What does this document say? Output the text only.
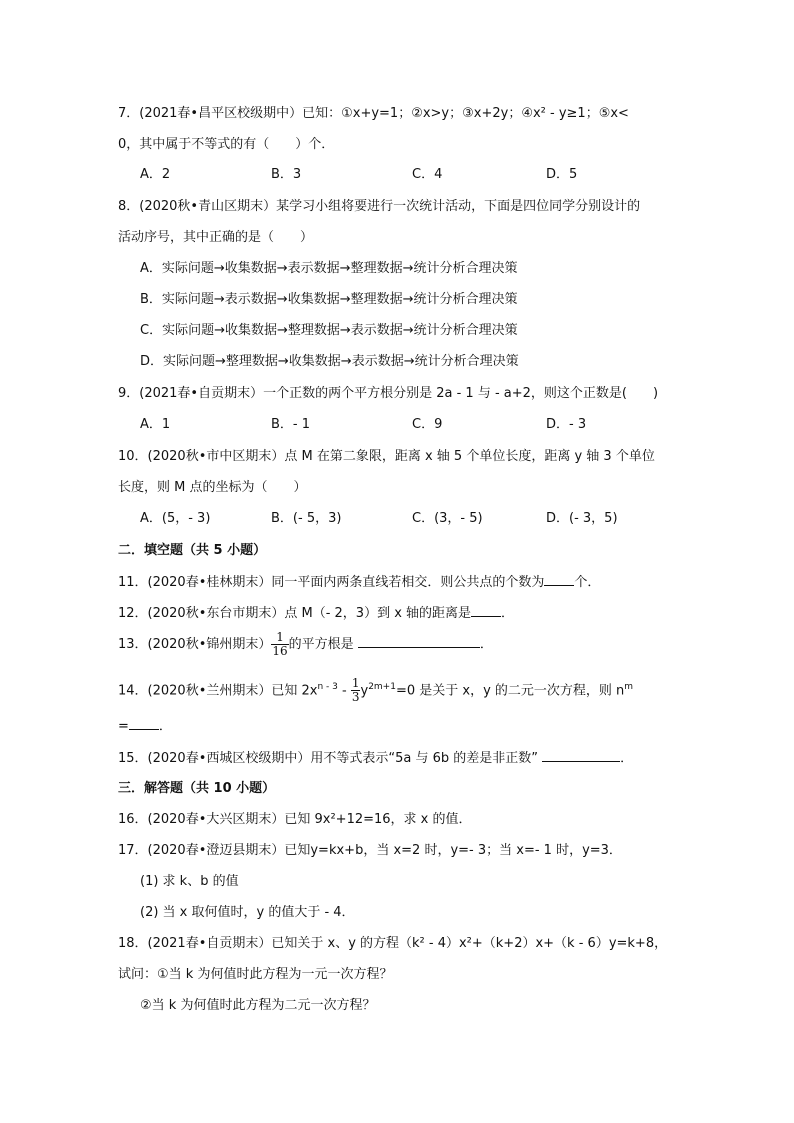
7．(2021春•昌平区校级期中）已知：①x+y=1；②x>y；③x+2y；④x² - y≥1；⑤x<
0，其中属于不等式的有（　　）个．
A．2	B．3	C．4	D．5
8．(2020秋•青山区期末）某学习小组将要进行一次统计活动，下面是四位同学分别设计的
活动序号，其中正确的是（　　）
A．实际问题→收集数据→表示数据→整理数据→统计分析合理决策
B．实际问题→表示数据→收集数据→整理数据→统计分析合理决策
C．实际问题→收集数据→整理数据→表示数据→统计分析合理决策
D．实际问题→整理数据→收集数据→表示数据→统计分析合理决策
9．(2021春•自贡期末）一个正数的两个平方根分别是 2a - 1 与 - a+2，则这个正数是(　　)
A．1	B．- 1	C．9	D．- 3
10．(2020秋•市中区期末）点 M 在第二象限，距离 x 轴 5 个单位长度，距离 y 轴 3 个单位
长度，则 M 点的坐标为（　　）
A．(5，- 3)	B．(- 5，3)	C．(3，- 5)	D．(- 3，5)
二．填空题（共 5 小题）
11．(2020春•桂林期末）同一平面内两条直线若相交．则公共点的个数为 个．
12．(2020秋•东台市期末）点 M（- 2，3）到 x 轴的距离是 ．
13．(2020秋•锦州期末） $\frac{1}{16}$ 的平方根是	．
14．(2020秋•兰州期末）已知 $2x^{n - 3} - \frac{1}{3} y^{2m+1}=0$ 是关于 x，y 的二元一次方程，则 $n^m$
= ．
15．(2020春•西城区校级期中）用不等式表示“5a 与 6b 的差是非正数”	．
三．解答题（共 10 小题）
16．(2020春•大兴区期末）已知 9x²+12=16，求 x 的值．
17．(2020春•澄迈县期末）已知y=kx+b，当 x=2 时，y=- 3；当 x=- 1 时，y=3．
(1) 求 k、b 的值
(2) 当 x 取何值时，y 的值大于 - 4．
18．(2021春•自贡期末）已知关于 x、y 的方程（k² - 4）x²+（k+2）x+（k - 6）y=k+8，
试问：①当 k 为何值时此方程为一元一次方程？
②当 k 为何值时此方程为二元一次方程？
